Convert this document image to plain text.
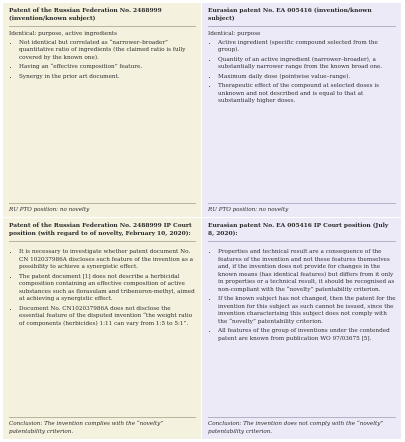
Patent of the Russian Federation No. 2488999 (invention/known subject)

Identical: purpose, active ingredients

• Not identical but correlated as “narrower–broader” quantitative ratio of ingredients (the claimed ratio is fully covered by the known one).
• Having an “effective composition” feature.
• Synergy in the prior art document.
RU PTO position: no novelty
Eurasian patent No. EA 005416 (invention/known subject)

Identical: purpose

• Active ingredient (specific compound selected from the group).
• Quantity of an active ingredient (narrower–broader), a substantially narrower range from the known broad one.
• Maximum daily dose (pointwise value–range).
• Therapeutic effect of the compound at selected doses is unknown and not described and is equal to that at substantially higher doses.
RU PTO position: no novelty
Patent of the Russian Federation No. 2488999 IP Court position (with regard to of novelty, February 10, 2020):
• It is necessary to investigate whether patent document No. CN 102037986A discloses such feature of the invention as a possibility to achieve a synergistic effect.
• The patent document [1] does not describe a herbicidal composition containing an effective composition of active substances such as florasulam and tribenuron-methyl, aimed at achieving a synergistic effect.
• Document No. CN102037986A does not disclose the essential feature of the disputed invention “the weight ratio of components (herbicides) 1:11 can vary from 1:5 to 5:1”.
Conclusion: The invention complies with the “novelty” patentability criterion.
Eurasian patent No. EA 005416 IP Court position (July 8, 2020):
• Properties and technical result are a consequence of the features of the invention and not these features themselves and, if the invention does not provide for changes in the known means (has identical features) but differs from it only in properties or a technical result, it should be recognised as non-compliant with the “novelty” patentability criterion.
• If the known subject has not changed, then the patent for the invention for this subject as such cannot be issued, since the invention characterising this subject does not comply with the “novelty” patentability criterion.
• All features of the group of inventions under the contended patent are known from publication WO 97/03675 [5].
Conclusion: The invention does not comply with the “novelty” patentability criterion.
